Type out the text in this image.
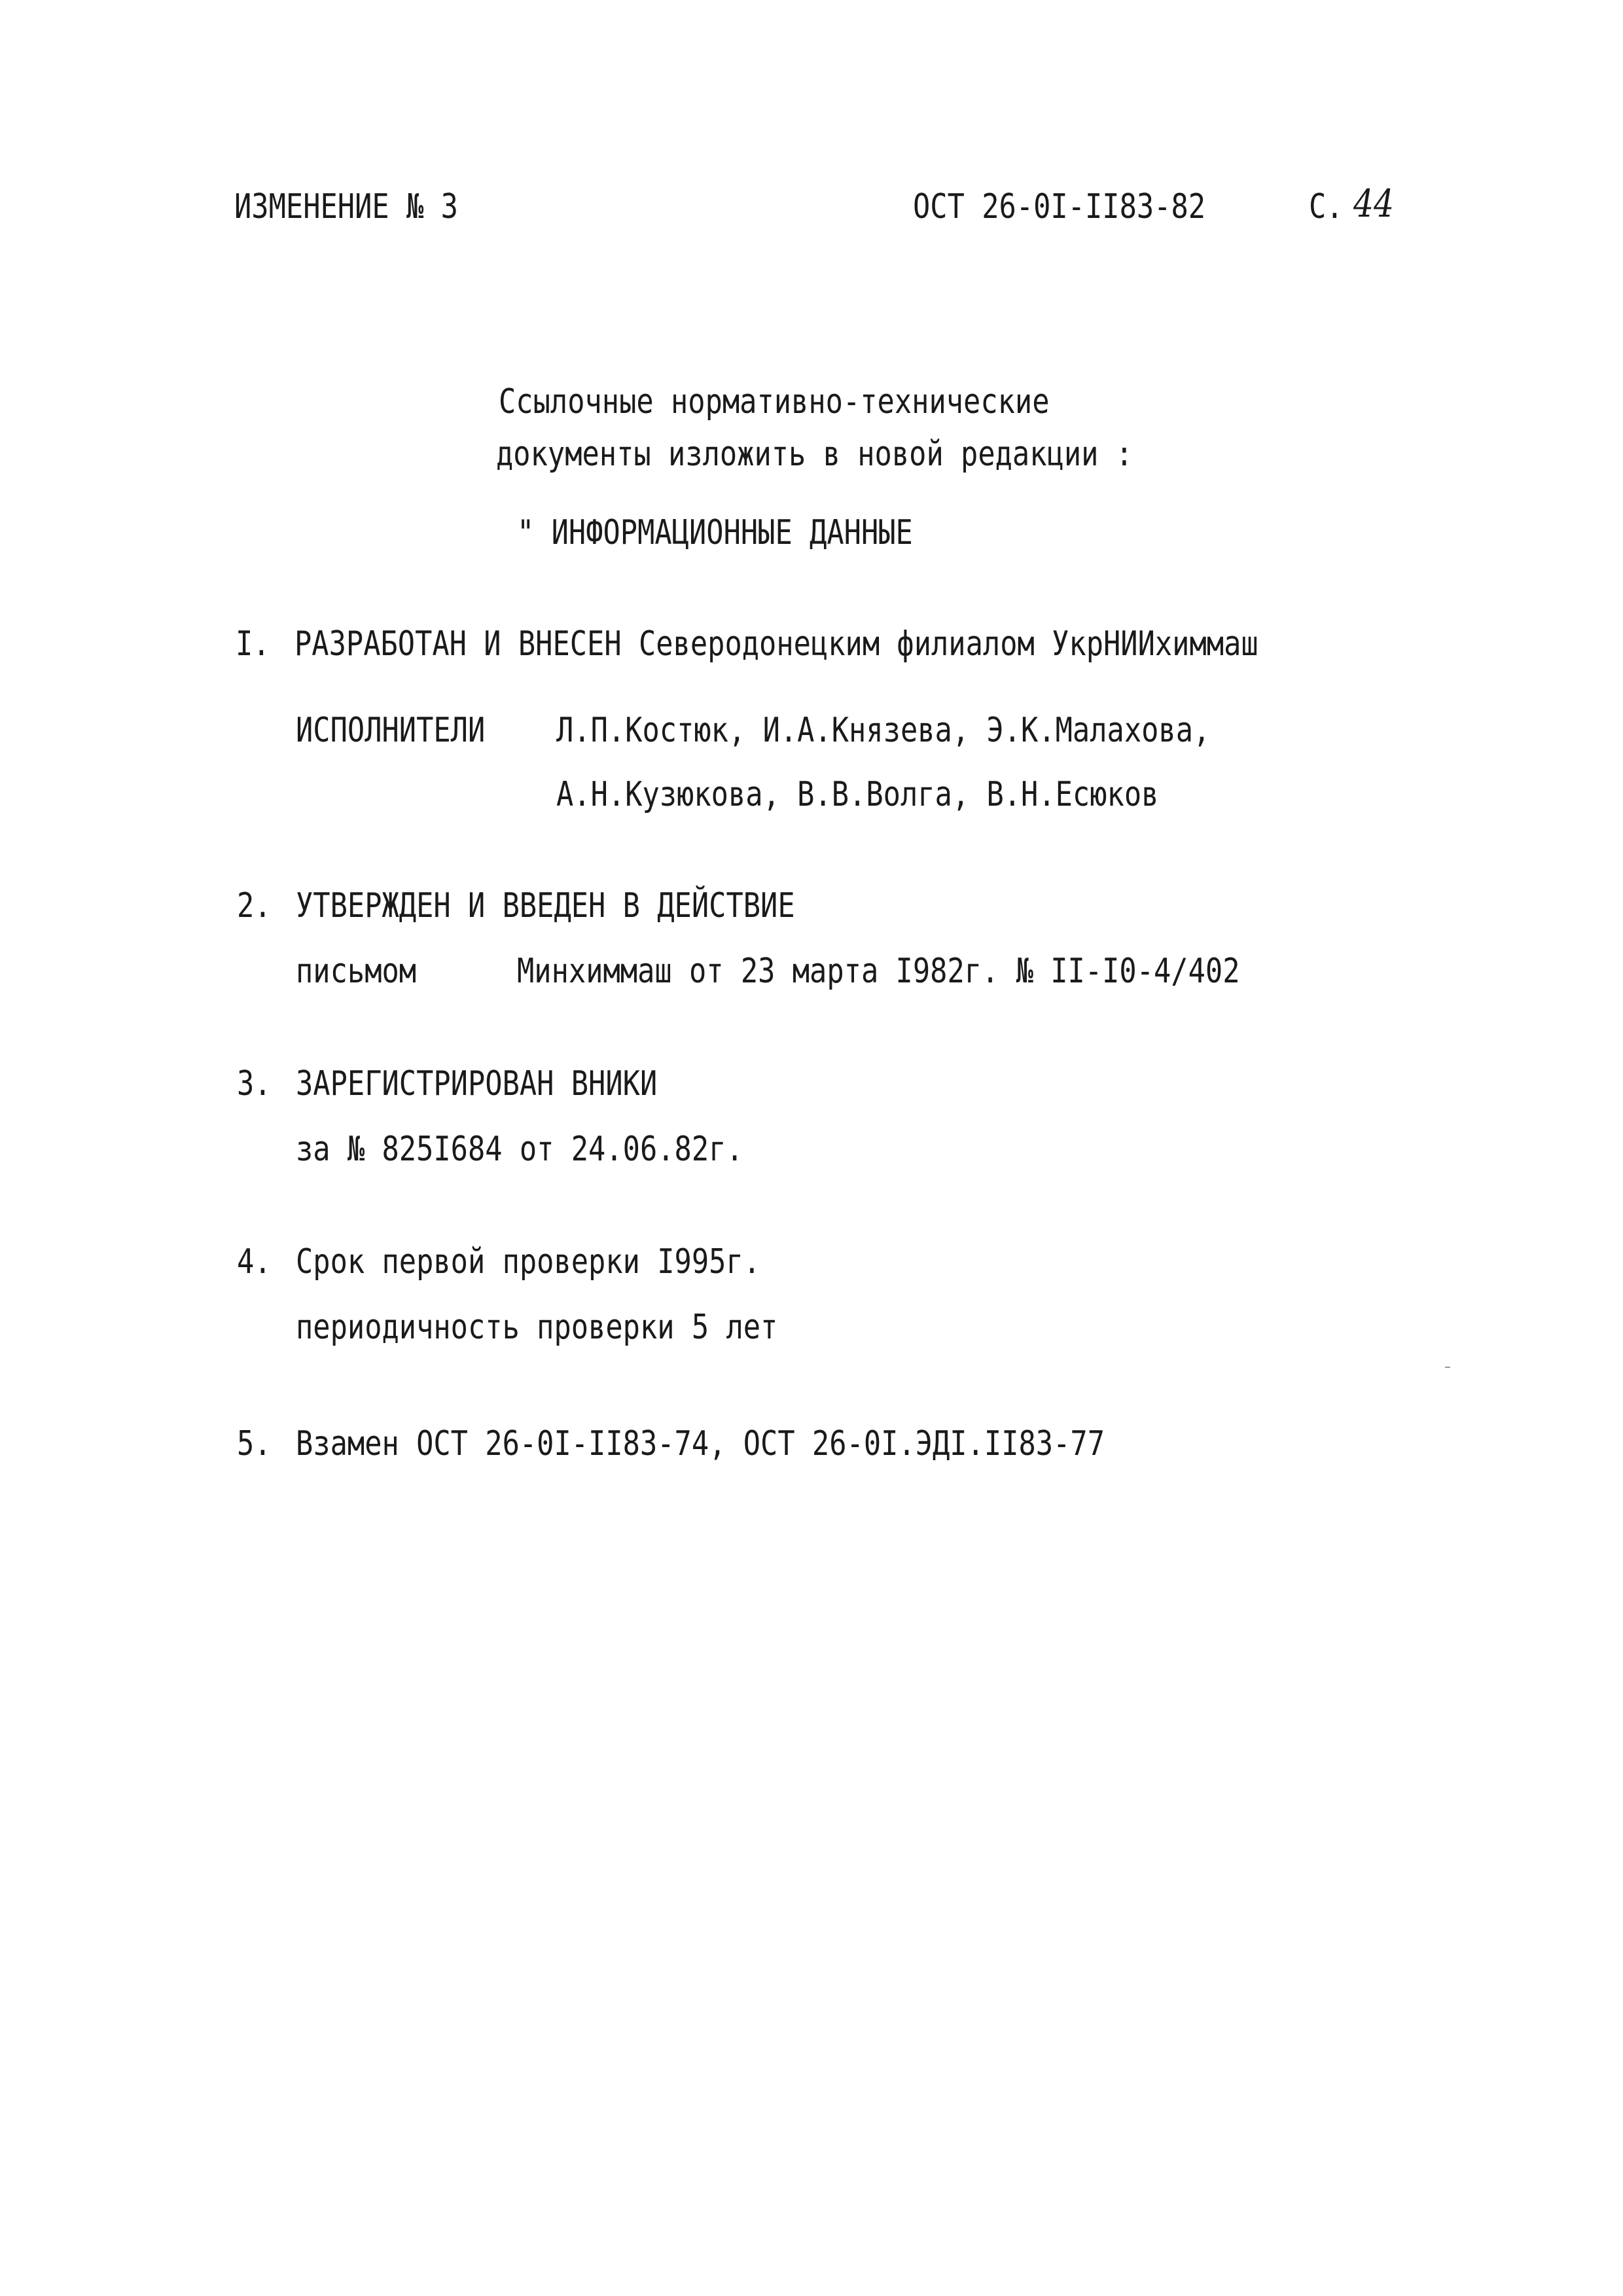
ИЗМЕНЕНИЕ № 3	ОСТ 26-0I-II83-82	С. 44
Ссылочные нормативно-технические
документы изложить в новой редакции :
" ИНФОРМАЦИОННЫЕ ДАННЫЕ
I. РАЗРАБОТАН И ВНЕСЕН Северодонецким филиалом УкрНИИхиммаш
ИСПОЛНИТЕЛИ Л.П.Костюк, И.А.Князева, Э.К.Малахова,
А.Н.Кузюкова, В.В.Волга, В.Н.Есюков
2. УТВЕРЖДЕН И ВВЕДЕН В ДЕЙСТВИЕ
письмом	Минхиммаш от 23 марта I982г. № II-I0-4/402
3. ЗАРЕГИСТРИРОВАН ВНИКИ
за № 825I684 от 24.06.82г.
4. Срок первой проверки I995г.
периодичность проверки 5 лет
5. Взамен ОСТ 26-0I-II83-74, ОСТ 26-0I.ЭДI.II83-77
